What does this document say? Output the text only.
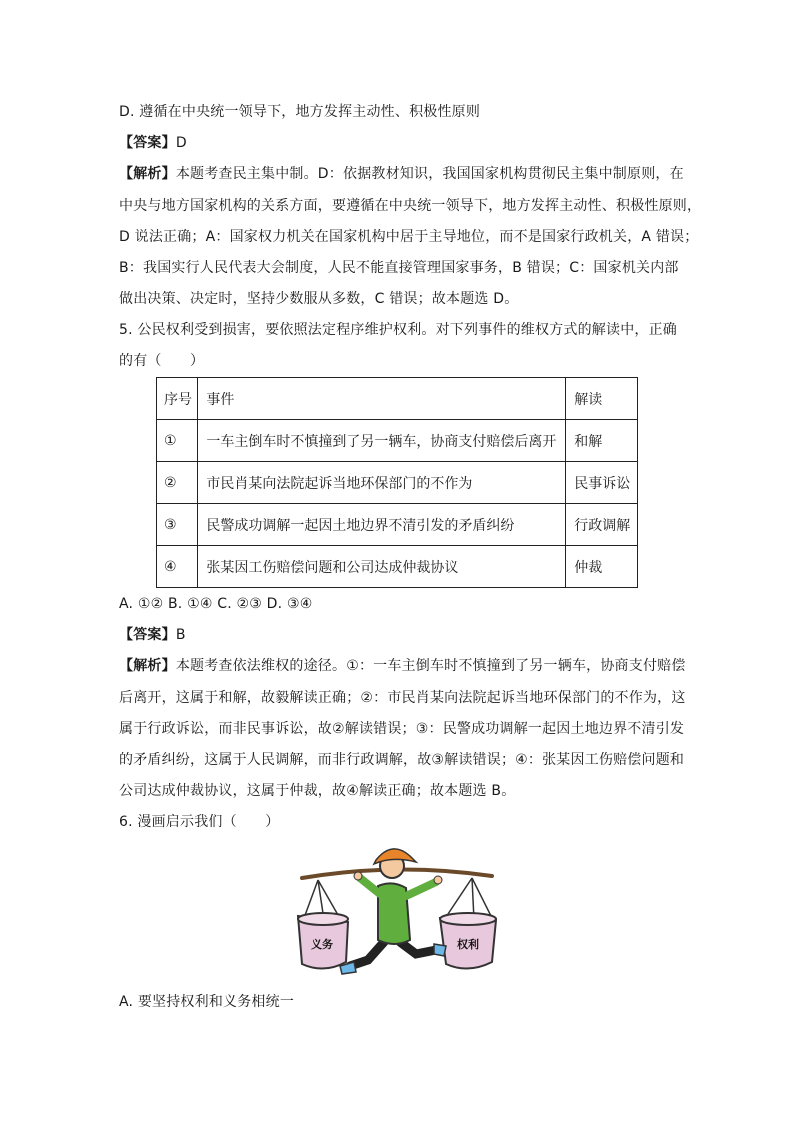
D. 遵循在中央统一领导下，地方发挥主动性、积极性原则
【答案】D
【解析】本题考查民主集中制。D：依据教材知识，我国国家机构贯彻民主集中制原则，在
中央与地方国家机构的关系方面，要遵循在中央统一领导下，地方发挥主动性、积极性原则，
D 说法正确；A：国家权力机关在国家机构中居于主导地位，而不是国家行政机关，A 错误；
B：我国实行人民代表大会制度，人民不能直接管理国家事务，B 错误；C：国家机关内部
做出决策、决定时，坚持少数服从多数，C 错误；故本题选 D。
5. 公民权利受到损害，要依照法定程序维护权利。对下列事件的维权方式的解读中，正确
的有（　　）
序号	事件	解读
①	一车主倒车时不慎撞到了另一辆车，协商支付赔偿后离开	和解
②	市民肖某向法院起诉当地环保部门的不作为	民事诉讼
③	民警成功调解一起因土地边界不清引发的矛盾纠纷	行政调解
④	张某因工伤赔偿问题和公司达成仲裁协议	仲裁
A. ①② B. ①④ C. ②③ D. ③④
【答案】B
【解析】本题考查依法维权的途径。①：一车主倒车时不慎撞到了另一辆车，协商支付赔偿
后离开，这属于和解，故毅解读正确；②：市民肖某向法院起诉当地环保部门的不作为，这
属于行政诉讼，而非民事诉讼，故②解读错误；③：民警成功调解一起因土地边界不清引发
的矛盾纠纷，这属于人民调解，而非行政调解，故③解读错误；④：张某因工伤赔偿问题和
公司达成仲裁协议，这属于仲裁，故④解读正确；故本题选 B。
6. 漫画启示我们（　　）
义务	权利
A. 要坚持权利和义务相统一
